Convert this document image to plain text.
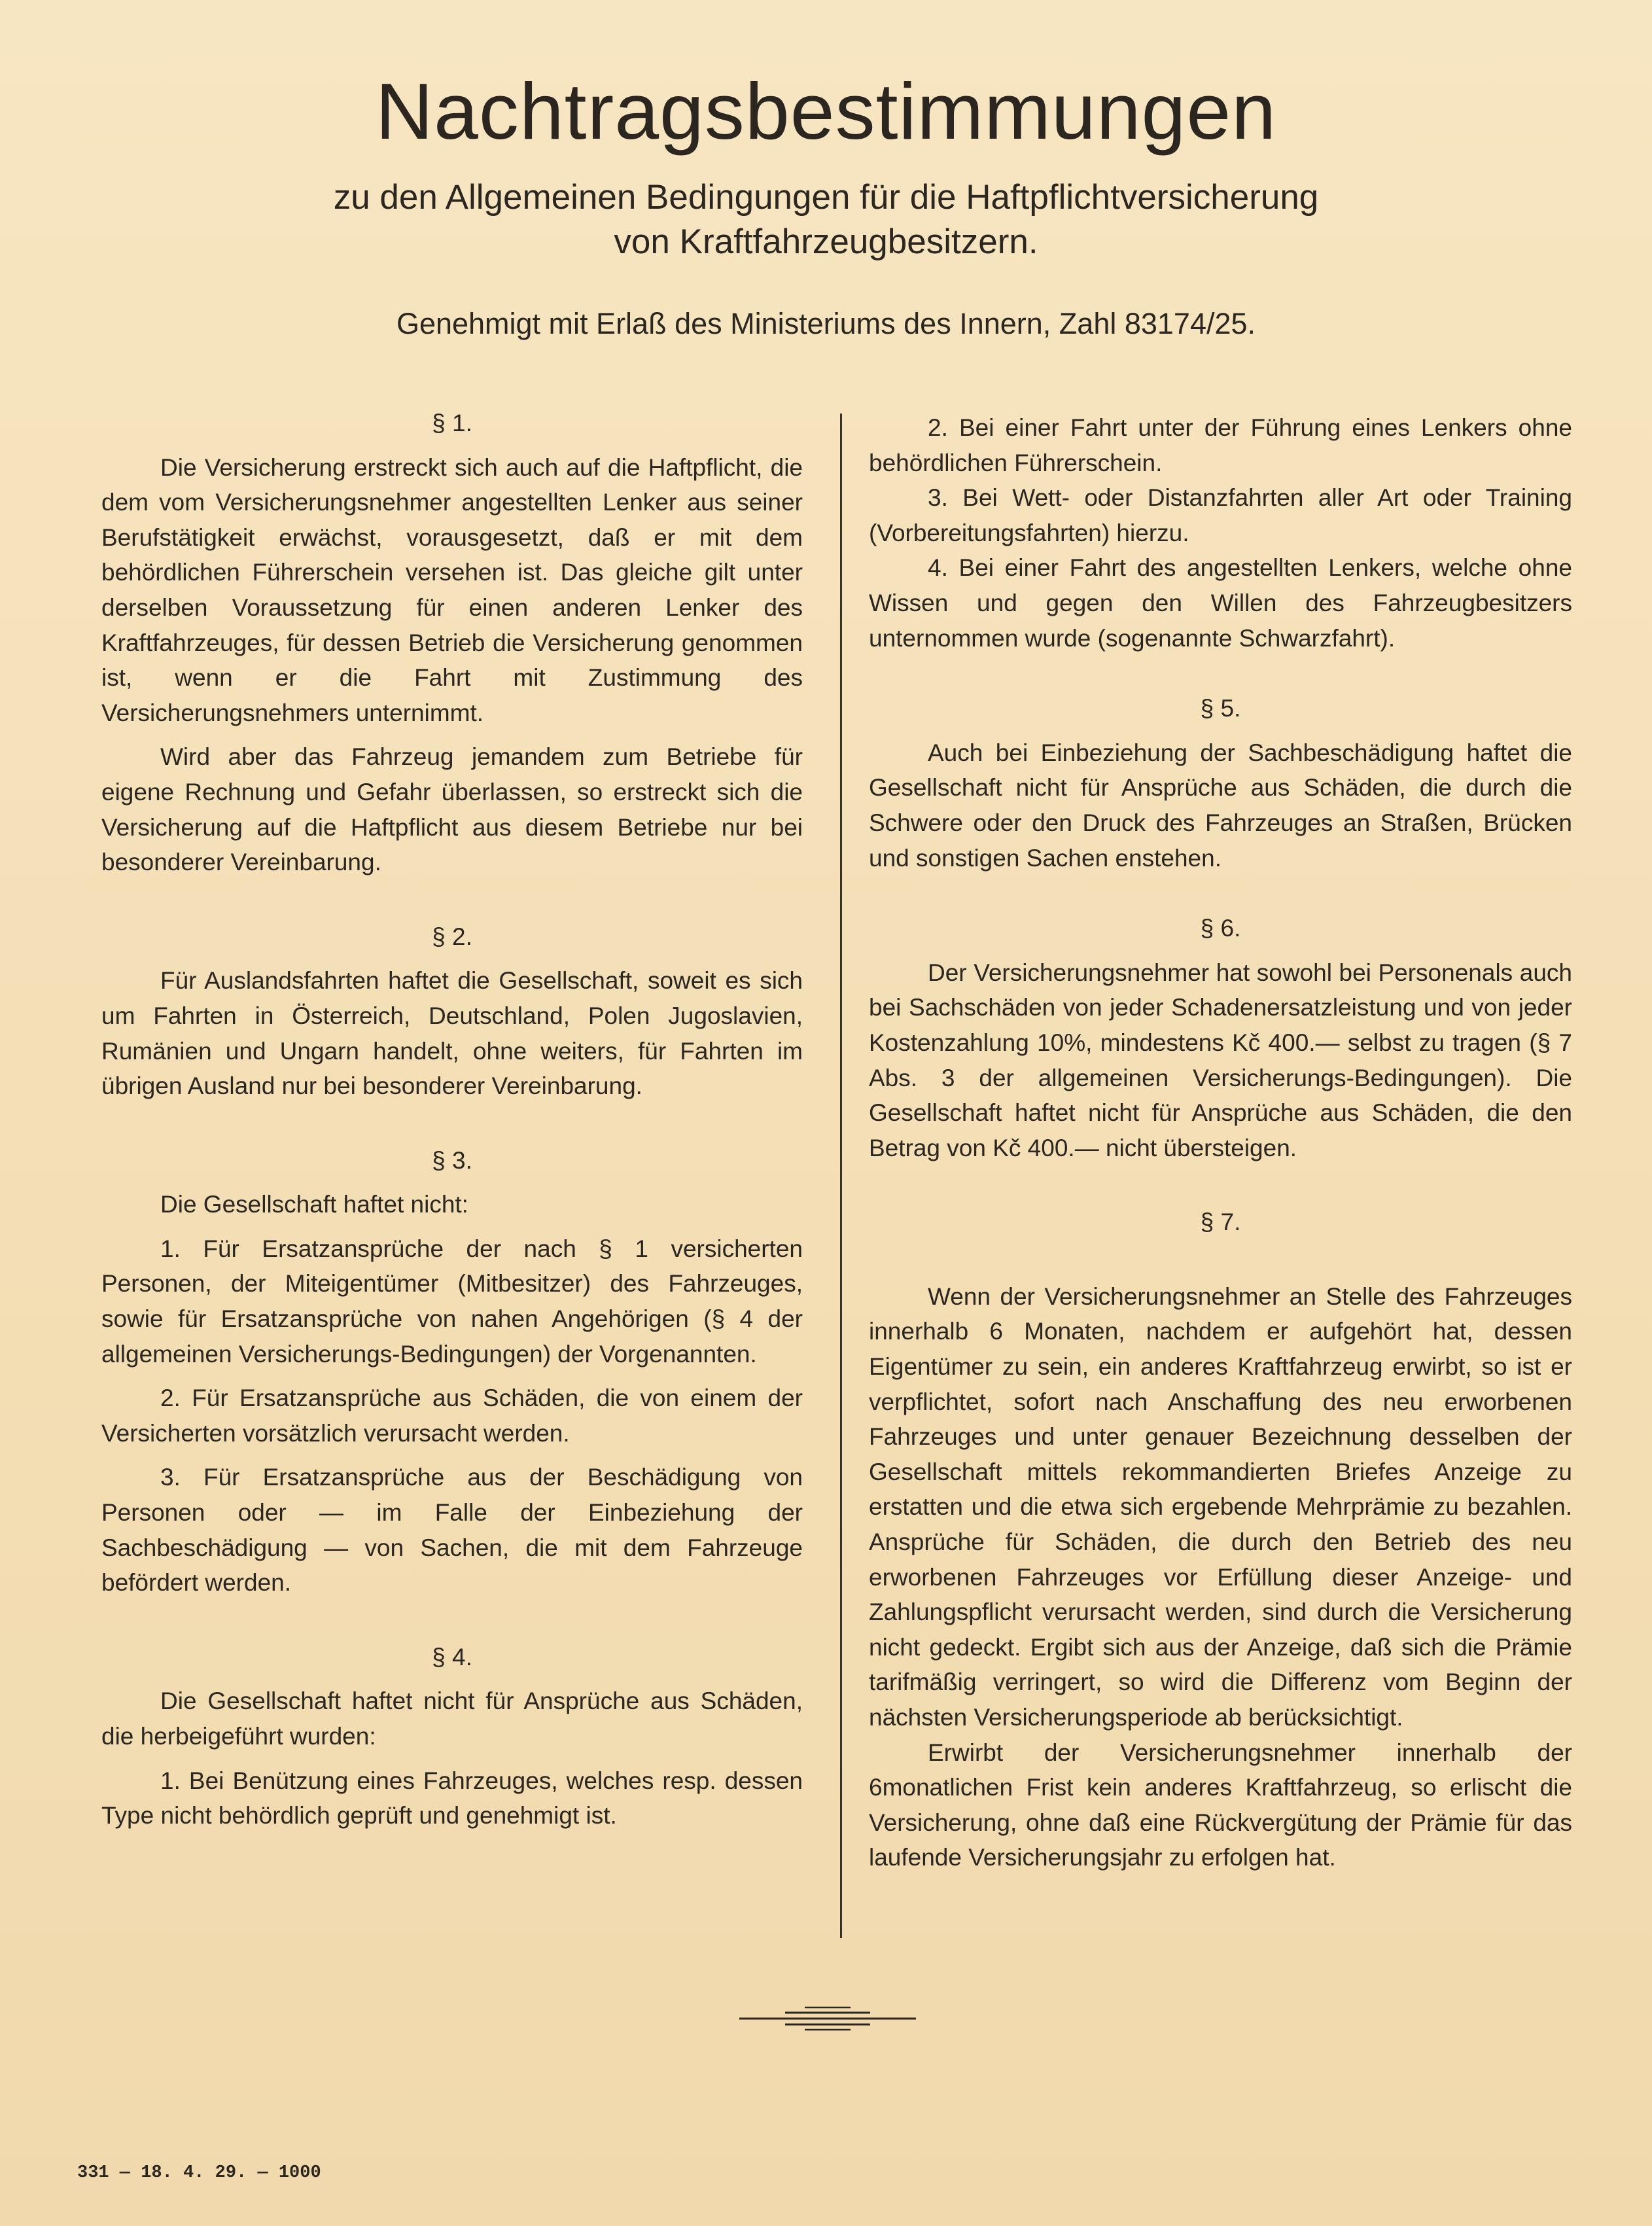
Nachtragsbestimmungen
zu den Allgemeinen Bedingungen für die Haftpflichtversicherung
von Kraftfahrzeugbesitzern.

Genehmigt mit Erlaß des Ministeriums des Innern, Zahl 83174/25.

§ 1.

Die Versicherung erstreckt sich auch auf die Haftpflicht, die dem vom Versicherungsnehmer angestellten Lenker aus seiner Berufstätigkeit erwächst, vorausgesetzt, daß er mit dem behördlichen Führerschein versehen ist. Das gleiche gilt unter derselben Voraussetzung für einen anderen Lenker des Kraftfahrzeuges, für dessen Betrieb die Versicherung genommen ist, wenn er die Fahrt mit Zustimmung des Versicherungsnehmers unternimmt.

Wird aber das Fahrzeug jemandem zum Betriebe für eigene Rechnung und Gefahr überlassen, so erstreckt sich die Versicherung auf die Haftpflicht aus diesem Betriebe nur bei besonderer Vereinbarung.

§ 2.

Für Auslandsfahrten haftet die Gesellschaft, soweit es sich um Fahrten in Österreich, Deutschland, Polen Jugoslavien, Rumänien und Ungarn handelt, ohne weiters, für Fahrten im übrigen Ausland nur bei besonderer Vereinbarung.

§ 3.

Die Gesellschaft haftet nicht:

1. Für Ersatzansprüche der nach § 1 versicherten Personen, der Miteigentümer (Mitbesitzer) des Fahrzeuges, sowie für Ersatzansprüche von nahen Angehörigen (§ 4 der allgemeinen Versicherungs-Bedingungen) der Vorgenannten.

2. Für Ersatzansprüche aus Schäden, die von einem der Versicherten vorsätzlich verursacht werden.

3. Für Ersatzansprüche aus der Beschädigung von Personen oder — im Falle der Einbeziehung der Sachbeschädigung — von Sachen, die mit dem Fahrzeuge befördert werden.

§ 4.

Die Gesellschaft haftet nicht für Ansprüche aus Schäden, die herbeigeführt wurden:

1. Bei Benützung eines Fahrzeuges, welches resp. dessen Type nicht behördlich geprüft und genehmigt ist.

2. Bei einer Fahrt unter der Führung eines Lenkers ohne behördlichen Führerschein.

3. Bei Wett- oder Distanzfahrten aller Art oder Training (Vorbereitungsfahrten) hierzu.

4. Bei einer Fahrt des angestellten Lenkers, welche ohne Wissen und gegen den Willen des Fahrzeugbesitzers unternommen wurde (sogenannte Schwarzfahrt).

§ 5.

Auch bei Einbeziehung der Sachbeschädigung haftet die Gesellschaft nicht für Ansprüche aus Schäden, die durch die Schwere oder den Druck des Fahrzeuges an Straßen, Brücken und sonstigen Sachen enstehen.

§ 6.

Der Versicherungsnehmer hat sowohl bei Personenals auch bei Sachschäden von jeder Schadenersatzleistung und von jeder Kostenzahlung 10%, mindestens Kč 400.— selbst zu tragen (§ 7 Abs. 3 der allgemeinen Versicherungs-Bedingungen). Die Gesellschaft haftet nicht für Ansprüche aus Schäden, die den Betrag von Kč 400.— nicht übersteigen.

§ 7.

Wenn der Versicherungsnehmer an Stelle des Fahrzeuges innerhalb 6 Monaten, nachdem er aufgehört hat, dessen Eigentümer zu sein, ein anderes Kraftfahrzeug erwirbt, so ist er verpflichtet, sofort nach Anschaffung des neu erworbenen Fahrzeuges und unter genauer Bezeichnung desselben der Gesellschaft mittels rekommandierten Briefes Anzeige zu erstatten und die etwa sich ergebende Mehrprämie zu bezahlen. Ansprüche für Schäden, die durch den Betrieb des neu erworbenen Fahrzeuges vor Erfüllung dieser Anzeige- und Zahlungspflicht verursacht werden, sind durch die Versicherung nicht gedeckt. Ergibt sich aus der Anzeige, daß sich die Prämie tarifmäßig verringert, so wird die Differenz vom Beginn der nächsten Versicherungsperiode ab berücksichtigt.

Erwirbt der Versicherungsnehmer innerhalb der 6monatlichen Frist kein anderes Kraftfahrzeug, so erlischt die Versicherung, ohne daß eine Rückvergütung der Prämie für das laufende Versicherungsjahr zu erfolgen hat.

331 — 18. 4. 29. — 1000
